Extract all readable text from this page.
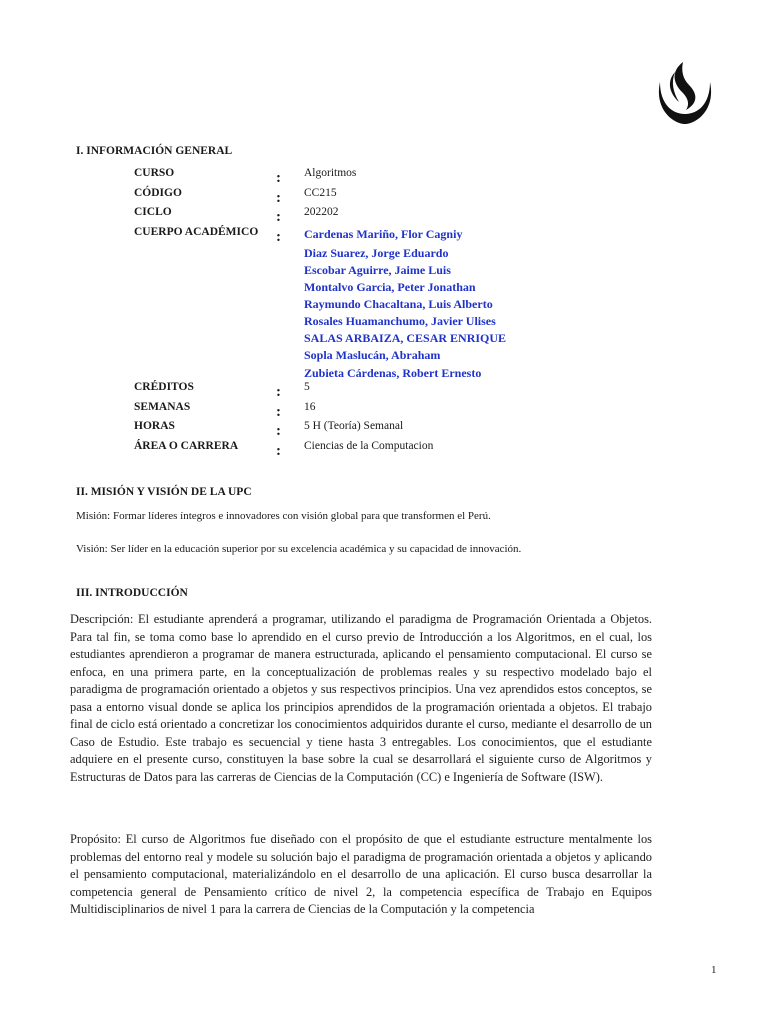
I. INFORMACIÓN GENERAL
CURSO	: Algoritmos
CÓDIGO	: CC215
CICLO	: 202202
CUERPO ACADÉMICO : Cardenas Mariño, Flor Cagniy
Diaz Suarez, Jorge Eduardo
Escobar Aguirre, Jaime Luis
Montalvo Garcia, Peter Jonathan
Raymundo Chacaltana, Luis Alberto
Rosales Huamanchumo, Javier Ulises
SALAS ARBAIZA, CESAR ENRIQUE
Sopla Maslucán, Abraham
Zubieta Cárdenas, Robert Ernesto
CRÉDITOS	: 5
SEMANAS	: 16
HORAS	: 5 H (Teoría) Semanal
ÁREA O CARRERA	: Ciencias de la Computacion
II. MISIÓN Y VISIÓN DE LA UPC
Misión: Formar líderes íntegros e innovadores con visión global para que transformen el Perú.
Visión: Ser líder en la educación superior por su excelencia académica y su capacidad de innovación.
III. INTRODUCCIÓN

Descripción: El estudiante aprenderá a programar, utilizando el paradigma de Programación Orientada a Objetos. Para tal fin, se toma como base lo aprendido en el curso previo de Introducción a los Algoritmos, en el cual, los estudiantes aprendieron a programar de manera estructurada, aplicando el pensamiento computacional. El curso se enfoca, en una primera parte, en la conceptualización de problemas reales y su respectivo modelado bajo el paradigma de programación orientado a objetos y sus respectivos principios. Una vez aprendidos estos conceptos, se pasa a entorno visual donde se aplica los principios aprendidos de la programación orientada a objetos. El trabajo final de ciclo está orientado a concretizar los conocimientos adquiridos durante el curso, mediante el desarrollo de un Caso de Estudio. Este trabajo es secuencial y tiene hasta 3 entregables. Los conocimientos, que el estudiante adquiere en el presente curso, constituyen la base sobre la cual se desarrollará el siguiente curso de Algoritmos y Estructuras de Datos para las carreras de Ciencias de la Computación (CC) e Ingeniería de Software (ISW).

Propósito: El curso de Algoritmos fue diseñado con el propósito de que el estudiante estructure mentalmente los problemas del entorno real y modele su solución bajo el paradigma de programación orientada a objetos y aplicando el pensamiento computacional, materializándolo en el desarrollo de una aplicación. El curso busca desarrollar la competencia general de Pensamiento crítico de nivel 2, la competencia específica de Trabajo en Equipos Multidisciplinarios de nivel 1 para la carrera de Ciencias de la Computación y la competencia

1
